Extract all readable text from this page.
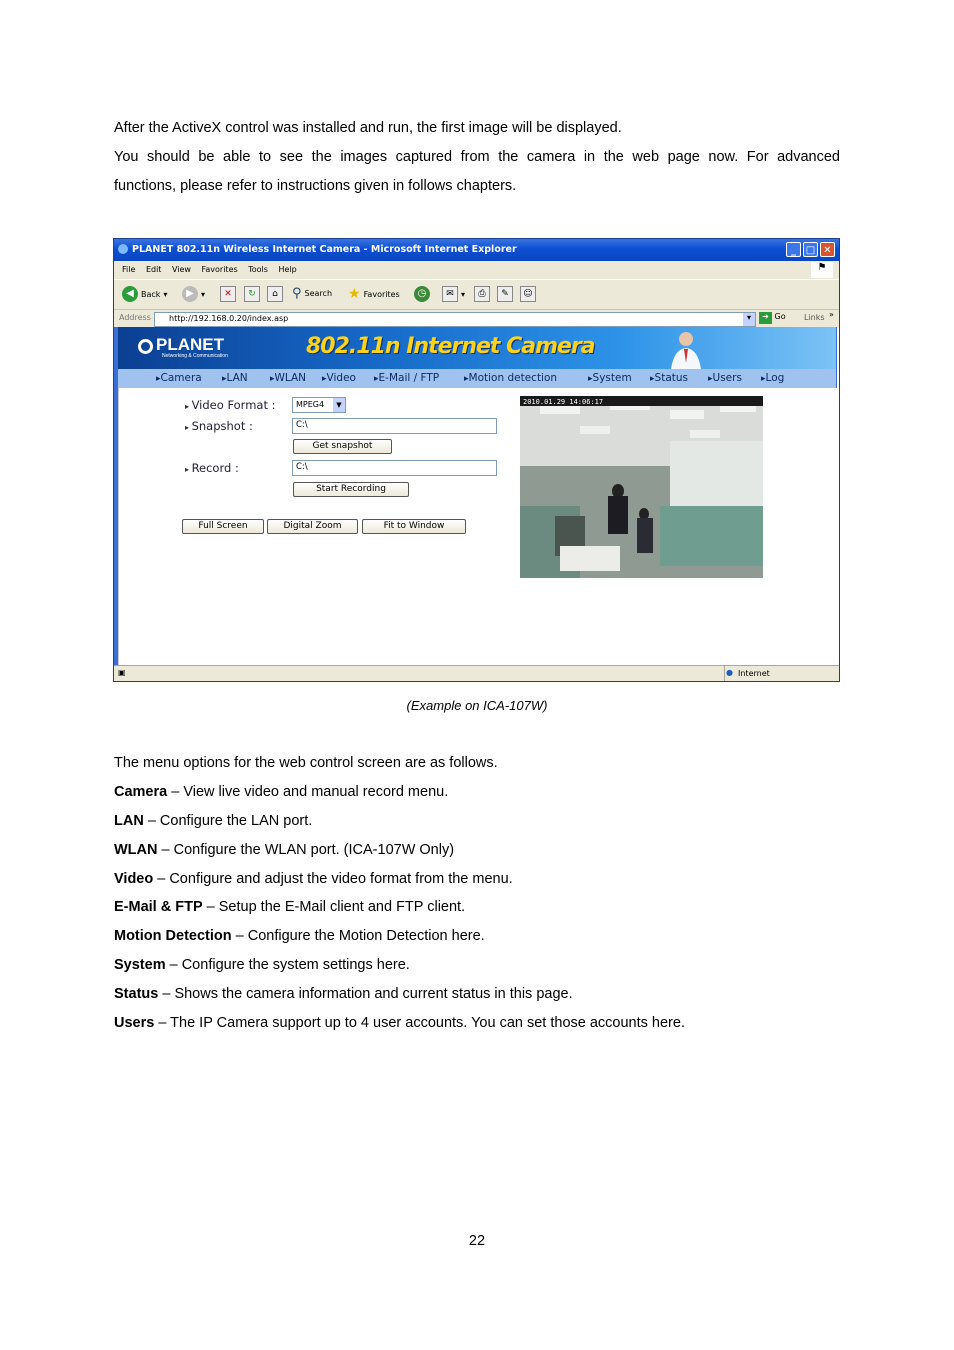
After the ActiveX control was installed and run, the first image will be displayed.
You should be able to see the images captured from the camera in the web page now. For advanced
functions, please refer to instructions given in follows chapters.
PLANET 802.11n Wireless Internet Camera - Microsoft Internet Explorer	_ □ ✕
File Edit View Favorites Tools Help	⚑
◀ Back ▾	▶ ▾	✕	↻	⌂	⚲ Search ★ Favorites	◷	✉ ▾	⎙	✎	☺
Address http://192.168.0.20/index.asp	▾	➔ Go Links »
PLANET
Networking & Communication	802.11n Internet Camera
▸ Camera	▸ LAN	▸ WLAN	▸ Video	▸ E-Mail / FTP	▸ Motion detection	▸ System	▸ Status	▸ Users	▸ Log
▸ Video Format :	MPEG4	▼
▸ Snapshot :	C:\
Get snapshot
▸ Record :	C:\
Start Recording
Full Screen	Digital Zoom	Fit to Window
2010.01.29 14:06:17
▣	● Internet
(Example on ICA-107W)
The menu options for the web control screen are as follows.
Camera – View live video and manual record menu.
LAN – Configure the LAN port.
WLAN – Configure the WLAN port. (ICA-107W Only)
Video – Configure and adjust the video format from the menu.
E-Mail & FTP – Setup the E-Mail client and FTP client.
Motion Detection – Configure the Motion Detection here.
System – Configure the system settings here.
Status – Shows the camera information and current status in this page.
Users – The IP Camera support up to 4 user accounts. You can set those accounts here.
22
